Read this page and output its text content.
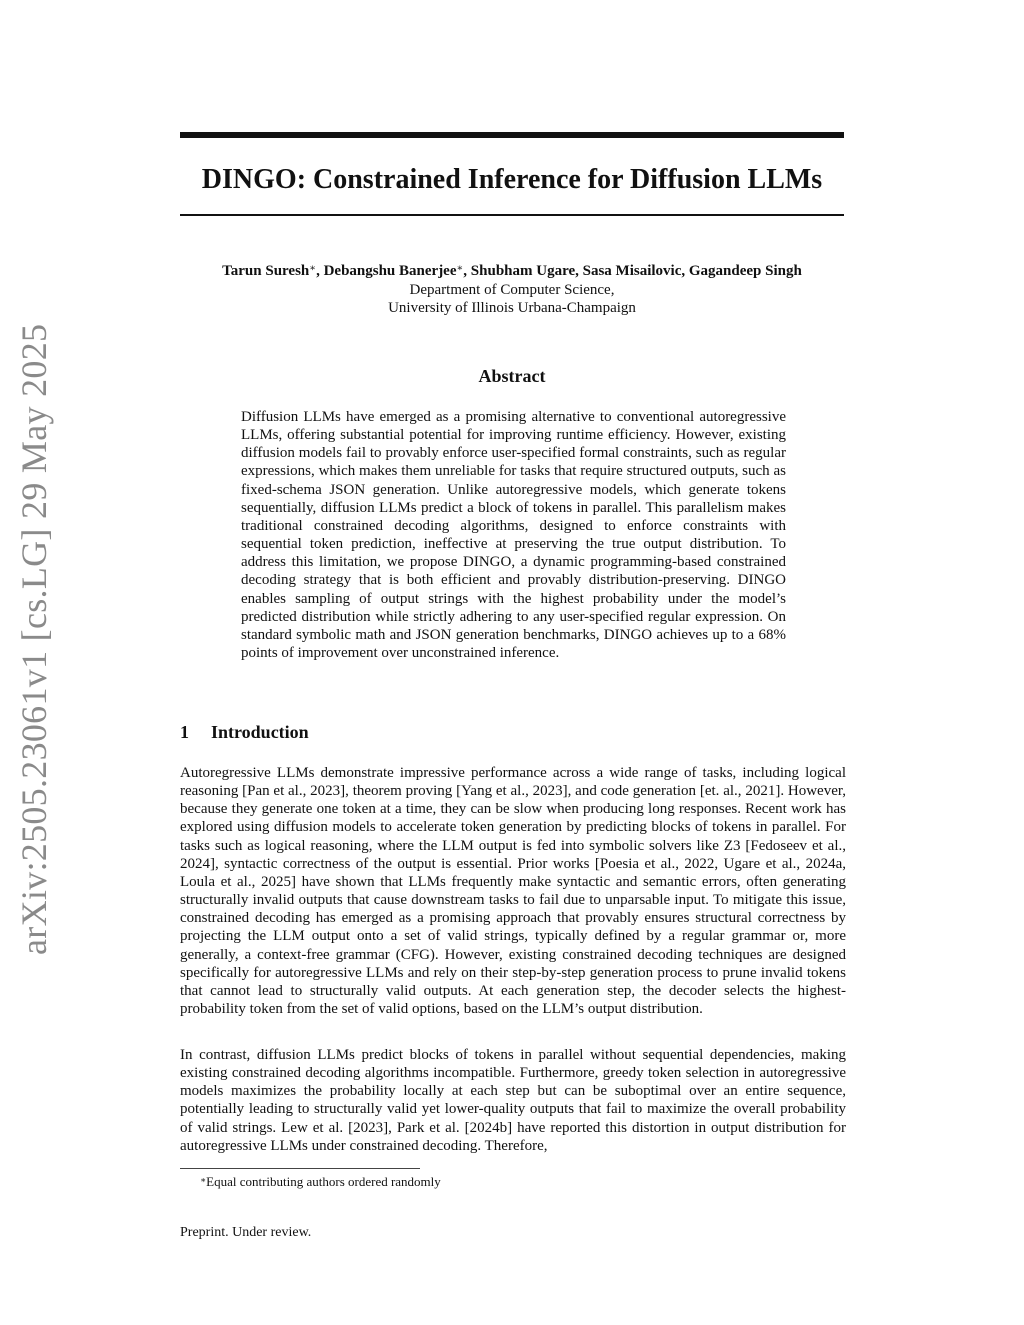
arXiv:2505.23061v1 [cs.LG] 29 May 2025
DINGO: Constrained Inference for Diffusion LLMs
Tarun Suresh∗, Debangshu Banerjee∗, Shubham Ugare, Sasa Misailovic, Gagandeep Singh
Department of Computer Science,
University of Illinois Urbana-Champaign
Abstract
Diffusion LLMs have emerged as a promising alternative to conventional autoregressive LLMs, offering substantial potential for improving runtime efficiency. However, existing diffusion models fail to provably enforce user-specified formal constraints, such as regular expressions, which makes them unreliable for tasks that require structured outputs, such as fixed-schema JSON generation. Unlike autoregressive models, which generate tokens sequentially, diffusion LLMs predict a block of tokens in parallel. This parallelism makes traditional constrained decoding algorithms, designed to enforce constraints with sequential token prediction, ineffective at preserving the true output distribution. To address this limitation, we propose DINGO, a dynamic programming-based constrained decoding strategy that is both efficient and provably distribution-preserving. DINGO enables sampling of output strings with the highest probability under the model’s predicted distribution while strictly adhering to any user-specified regular expression. On standard symbolic math and JSON generation benchmarks, DINGO achieves up to a 68% points of improvement over unconstrained inference.
1 Introduction
Autoregressive LLMs demonstrate impressive performance across a wide range of tasks, including logical reasoning [Pan et al., 2023], theorem proving [Yang et al., 2023], and code generation [et. al., 2021]. However, because they generate one token at a time, they can be slow when producing long responses. Recent work has explored using diffusion models to accelerate token generation by predicting blocks of tokens in parallel. For tasks such as logical reasoning, where the LLM output is fed into symbolic solvers like Z3 [Fedoseev et al., 2024], syntactic correctness of the output is essential. Prior works [Poesia et al., 2022, Ugare et al., 2024a, Loula et al., 2025] have shown that LLMs frequently make syntactic and semantic errors, often generating structurally invalid outputs that cause downstream tasks to fail due to unparsable input. To mitigate this issue, constrained decoding has emerged as a promising approach that provably ensures structural correctness by projecting the LLM output onto a set of valid strings, typically defined by a regular grammar or, more generally, a context-free grammar (CFG). However, existing constrained decoding techniques are designed specifically for autoregressive LLMs and rely on their step-by-step generation process to prune invalid tokens that cannot lead to structurally valid outputs. At each generation step, the decoder selects the highest-probability token from the set of valid options, based on the LLM’s output distribution.
In contrast, diffusion LLMs predict blocks of tokens in parallel without sequential dependencies, making existing constrained decoding algorithms incompatible. Furthermore, greedy token selection in autoregressive models maximizes the probability locally at each step but can be suboptimal over an entire sequence, potentially leading to structurally valid yet lower-quality outputs that fail to maximize the overall probability of valid strings. Lew et al. [2023], Park et al. [2024b] have reported this distortion in output distribution for autoregressive LLMs under constrained decoding. Therefore,
∗Equal contributing authors ordered randomly
Preprint. Under review.
